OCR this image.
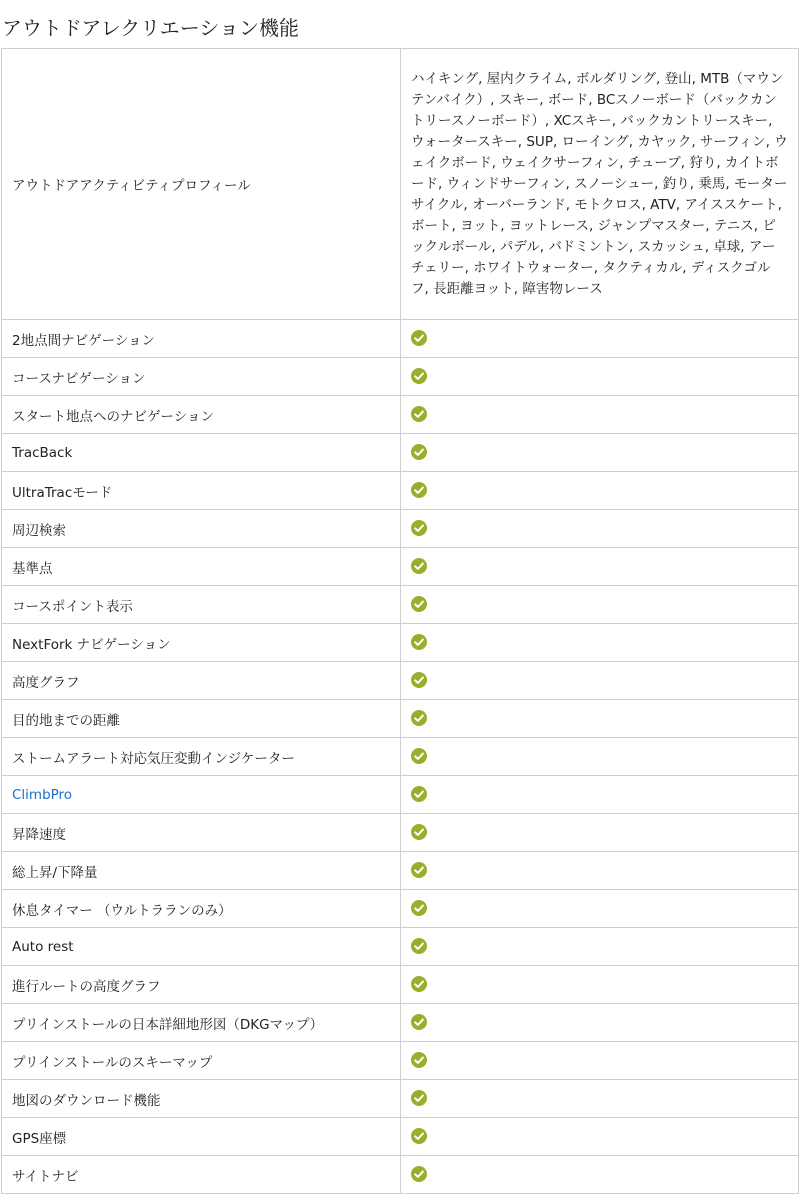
アウトドアレクリエーション機能
アウトドアアクティビティプロフィール	ハイキング, 屋内クライム, ボルダリング, 登山, MTB（マウンテンバイク）, スキー, ボード, BCスノーボード（バックカントリースノーボード）, XCスキー, バックカントリースキー, ウォータースキー, SUP, ローイング, カヤック, サーフィン, ウェイクボード, ウェイクサーフィン, チューブ, 狩り, カイトボード, ウィンドサーフィン, スノーシュー, 釣り, 乗馬, モーターサイクル, オーバーランド, モトクロス, ATV, アイススケート, ボート, ヨット, ヨットレース, ジャンプマスター, テニス, ピックルボール, パデル, バドミントン, スカッシュ, 卓球, アーチェリー, ホワイトウォーター, タクティカル, ディスクゴルフ, 長距離ヨット, 障害物レース
2地点間ナビゲーション	
コースナビゲーション	
スタート地点へのナビゲーション	
TracBack	
UltraTracモード	
周辺検索	
基準点	
コースポイント表示	
NextFork ナビゲーション	
高度グラフ	
目的地までの距離	
ストームアラート対応気圧変動インジケーター	
ClimbPro	
昇降速度	
総上昇/下降量	
休息タイマー （ウルトラランのみ）	
Auto rest	
進行ルートの高度グラフ	
プリインストールの日本詳細地形図（DKGマップ）	
プリインストールのスキーマップ	
地図のダウンロード機能	
GPS座標	
サイトナビ	
